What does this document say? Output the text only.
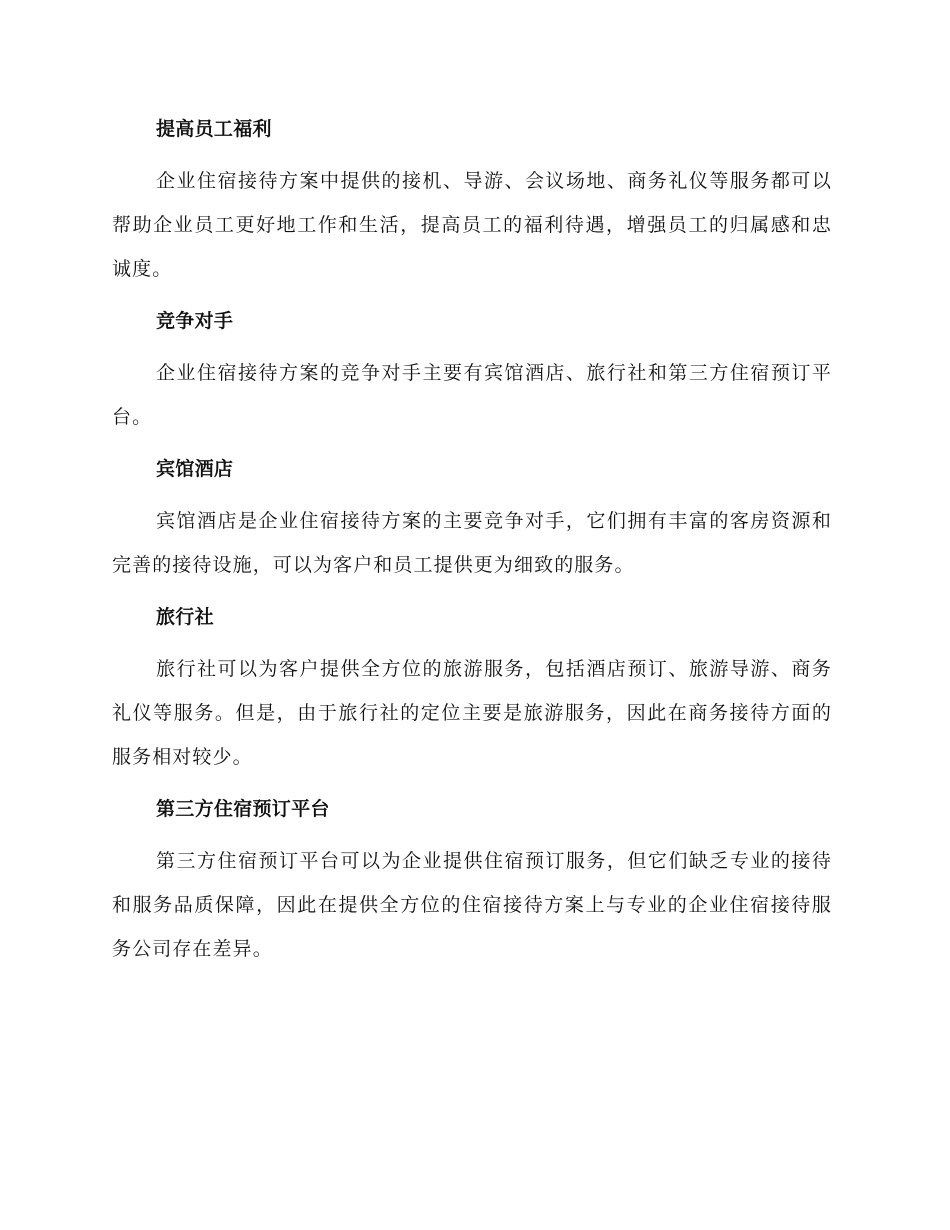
提高员工福利
企业住宿接待方案中提供的接机、导游、会议场地、商务礼仪等服务都可以帮助企业员工更好地工作和生活，提高员工的福利待遇，增强员工的归属感和忠诚度。
竞争对手
企业住宿接待方案的竞争对手主要有宾馆酒店、旅行社和第三方住宿预订平台。
宾馆酒店
宾馆酒店是企业住宿接待方案的主要竞争对手，它们拥有丰富的客房资源和完善的接待设施，可以为客户和员工提供更为细致的服务。
旅行社
旅行社可以为客户提供全方位的旅游服务，包括酒店预订、旅游导游、商务礼仪等服务。但是，由于旅行社的定位主要是旅游服务，因此在商务接待方面的服务相对较少。
第三方住宿预订平台
第三方住宿预订平台可以为企业提供住宿预订服务，但它们缺乏专业的接待和服务品质保障，因此在提供全方位的住宿接待方案上与专业的企业住宿接待服务公司存在差异。
